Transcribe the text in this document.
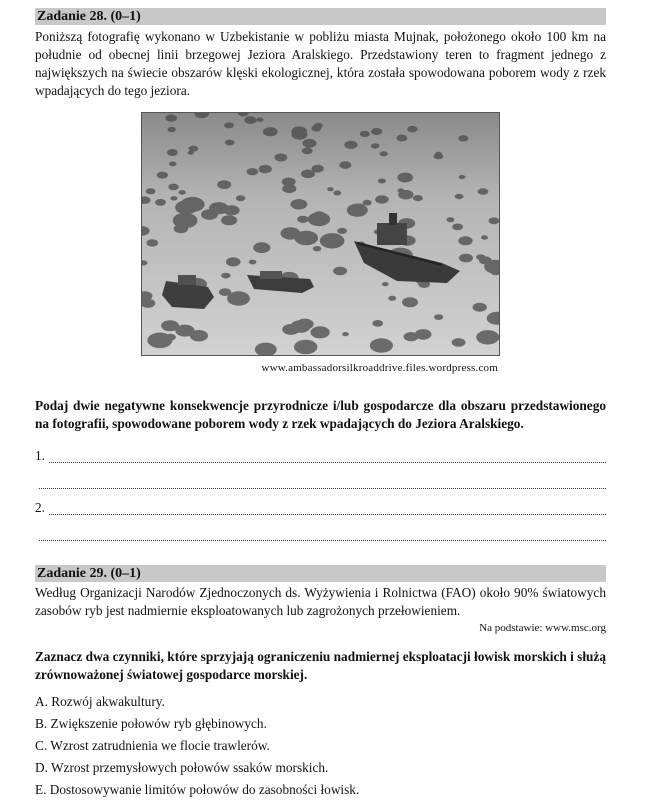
Zadanie 28. (0–1)

Poniższą fotografię wykonano w Uzbekistanie w pobliżu miasta Mujnak, położonego około 100 km na południe od obecnej linii brzegowej Jeziora Aralskiego. Przedstawiony teren to fragment jednego z największych na świecie obszarów klęski ekologicznej, która została spowodowana poborem wody z rzek wpadających do tego jeziora.

www.ambassadorsilkroaddrive.files.wordpress.com

Podaj dwie negatywne konsekwencje przyrodnicze i/lub gospodarcze dla obszaru przedstawionego na fotografii, spowodowane poborem wody z rzek wpadających do Jeziora Aralskiego.

1.
2.
Zadanie 29. (0–1)

Według Organizacji Narodów Zjednoczonych ds. Wyżywienia i Rolnictwa (FAO) około 90% światowych zasobów ryb jest nadmiernie eksploatowanych lub zagrożonych przełowieniem.

Na podstawie: www.msc.org

Zaznacz dwa czynniki, które sprzyjają ograniczeniu nadmiernej eksploatacji łowisk morskich i służą zrównoważonej światowej gospodarce morskiej.

A. Rozwój akwakultury.
B. Zwiększenie połowów ryb głębinowych.
C. Wzrost zatrudnienia we flocie trawlerów.
D. Wzrost przemysłowych połowów ssaków morskich.
E. Dostosowywanie limitów połowów do zasobności łowisk.
